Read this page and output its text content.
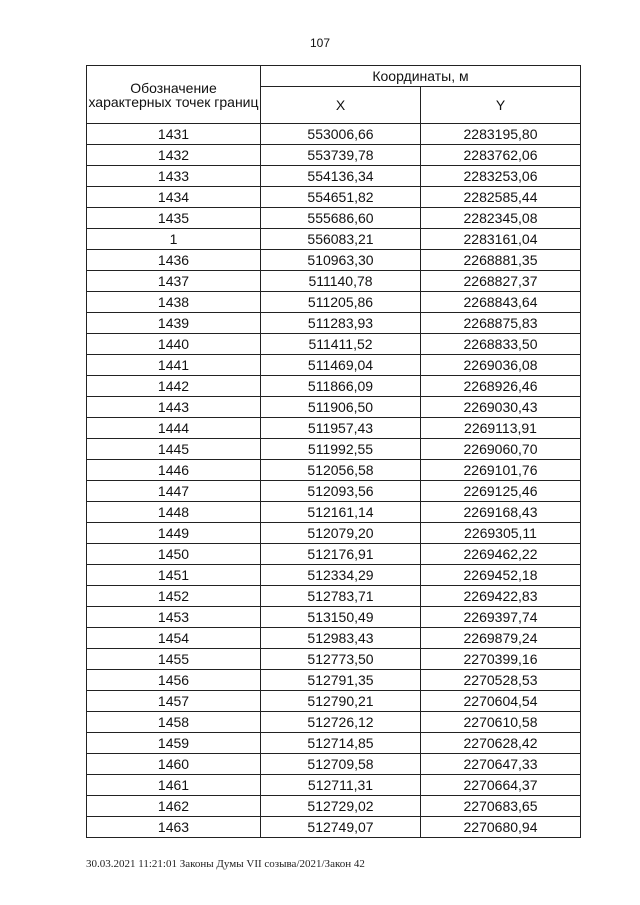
107
Обозначение характерных точек границ	Координаты, м	
	X	Y
1431	553006,66	2283195,80
1432	553739,78	2283762,06
1433	554136,34	2283253,06
1434	554651,82	2282585,44
1435	555686,60	2282345,08
1	556083,21	2283161,04
1436	510963,30	2268881,35
1437	511140,78	2268827,37
1438	511205,86	2268843,64
1439	511283,93	2268875,83
1440	511411,52	2268833,50
1441	511469,04	2269036,08
1442	511866,09	2268926,46
1443	511906,50	2269030,43
1444	511957,43	2269113,91
1445	511992,55	2269060,70
1446	512056,58	2269101,76
1447	512093,56	2269125,46
1448	512161,14	2269168,43
1449	512079,20	2269305,11
1450	512176,91	2269462,22
1451	512334,29	2269452,18
1452	512783,71	2269422,83
1453	513150,49	2269397,74
1454	512983,43	2269879,24
1455	512773,50	2270399,16
1456	512791,35	2270528,53
1457	512790,21	2270604,54
1458	512726,12	2270610,58
1459	512714,85	2270628,42
1460	512709,58	2270647,33
1461	512711,31	2270664,37
1462	512729,02	2270683,65
1463	512749,07	2270680,94
30.03.2021 11:21:01 Законы Думы VII созыва/2021/Закон 42
